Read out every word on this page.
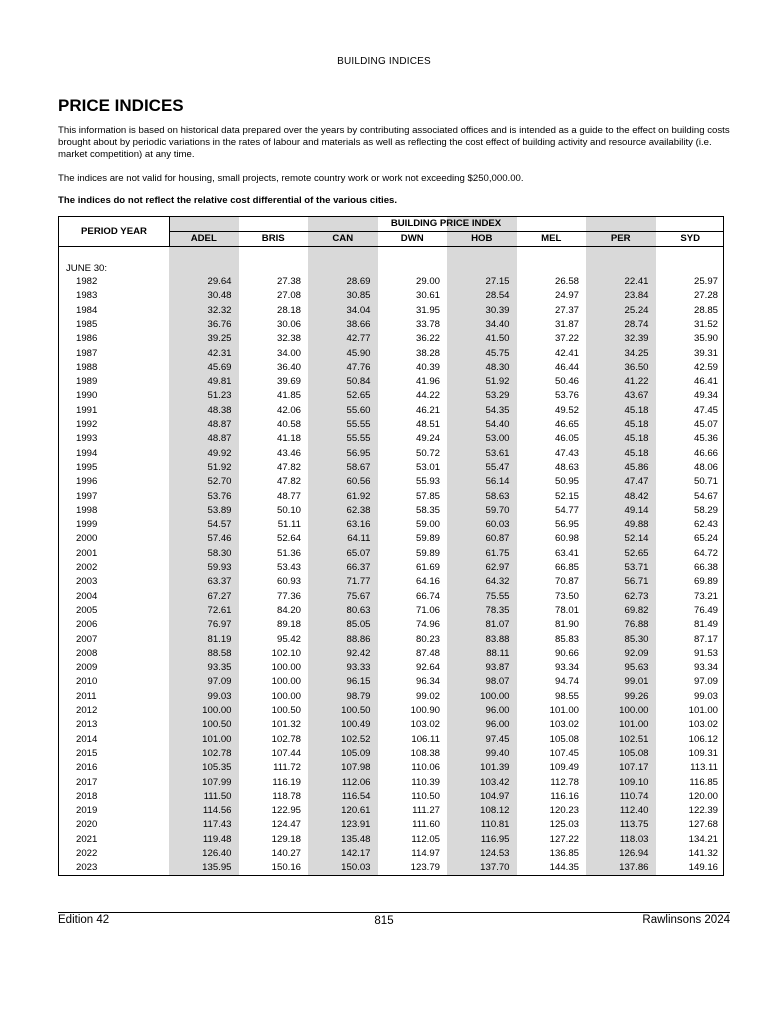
BUILDING INDICES
PRICE INDICES

This information is based on historical data prepared over the years by contributing associated offices and is intended as a guide to the effect on building costs brought about by periodic variations in the rates of labour and materials as well as reflecting the cost effect of building activity and resource availability (i.e. market competition) at any time.

The indices are not valid for housing, small projects, remote country work or work not exceeding $250,000.00.

The indices do not reflect the relative cost differential of the various cities.

PERIOD YEAR
BUILDING PRICE INDEX
JUNE 30:
ADEL	BRIS	CAN	DWN	HOB	MEL	PER	SYD
1982	29.64	27.38	28.69	29.00	27.15	26.58	22.41	25.97
1983	30.48	27.08	30.85	30.61	28.54	24.97	23.84	27.28
1984	32.32	28.18	34.04	31.95	30.39	27.37	25.24	28.85
1985	36.76	30.06	38.66	33.78	34.40	31.87	28.74	31.52
1986	39.25	32.38	42.77	36.22	41.50	37.22	32.39	35.90
1987	42.31	34.00	45.90	38.28	45.75	42.41	34.25	39.31
1988	45.69	36.40	47.76	40.39	48.30	46.44	36.50	42.59
1989	49.81	39.69	50.84	41.96	51.92	50.46	41.22	46.41
1990	51.23	41.85	52.65	44.22	53.29	53.76	43.67	49.34
1991	48.38	42.06	55.60	46.21	54.35	49.52	45.18	47.45
1992	48.87	40.58	55.55	48.51	54.40	46.65	45.18	45.07
1993	48.87	41.18	55.55	49.24	53.00	46.05	45.18	45.36
1994	49.92	43.46	56.95	50.72	53.61	47.43	45.18	46.66
1995	51.92	47.82	58.67	53.01	55.47	48.63	45.86	48.06
1996	52.70	47.82	60.56	55.93	56.14	50.95	47.47	50.71
1997	53.76	48.77	61.92	57.85	58.63	52.15	48.42	54.67
1998	53.89	50.10	62.38	58.35	59.70	54.77	49.14	58.29
1999	54.57	51.11	63.16	59.00	60.03	56.95	49.88	62.43
2000	57.46	52.64	64.11	59.89	60.87	60.98	52.14	65.24
2001	58.30	51.36	65.07	59.89	61.75	63.41	52.65	64.72
2002	59.93	53.43	66.37	61.69	62.97	66.85	53.71	66.38
2003	63.37	60.93	71.77	64.16	64.32	70.87	56.71	69.89
2004	67.27	77.36	75.67	66.74	75.55	73.50	62.73	73.21
2005	72.61	84.20	80.63	71.06	78.35	78.01	69.82	76.49
2006	76.97	89.18	85.05	74.96	81.07	81.90	76.88	81.49
2007	81.19	95.42	88.86	80.23	83.88	85.83	85.30	87.17
2008	88.58	102.10	92.42	87.48	88.11	90.66	92.09	91.53
2009	93.35	100.00	93.33	92.64	93.87	93.34	95.63	93.34
2010	97.09	100.00	96.15	96.34	98.07	94.74	99.01	97.09
2011	99.03	100.00	98.79	99.02	100.00	98.55	99.26	99.03
2012	100.00	100.50	100.50	100.90	96.00	101.00	100.00	101.00
2013	100.50	101.32	100.49	103.02	96.00	103.02	101.00	103.02
2014	101.00	102.78	102.52	106.11	97.45	105.08	102.51	106.12
2015	102.78	107.44	105.09	108.38	99.40	107.45	105.08	109.31
2016	105.35	111.72	107.98	110.06	101.39	109.49	107.17	113.11
2017	107.99	116.19	112.06	110.39	103.42	112.78	109.10	116.85
2018	111.50	118.78	116.54	110.50	104.97	116.16	110.74	120.00
2019	114.56	122.95	120.61	111.27	108.12	120.23	112.40	122.39
2020	117.43	124.47	123.91	111.60	110.81	125.03	113.75	127.68
2021	119.48	129.18	135.48	112.05	116.95	127.22	118.03	134.21
2022	126.40	140.27	142.17	114.97	124.53	136.85	126.94	141.32
2023	135.95	150.16	150.03	123.79	137.70	144.35	137.86	149.16
Edition 42	815	Rawlinsons 2024
